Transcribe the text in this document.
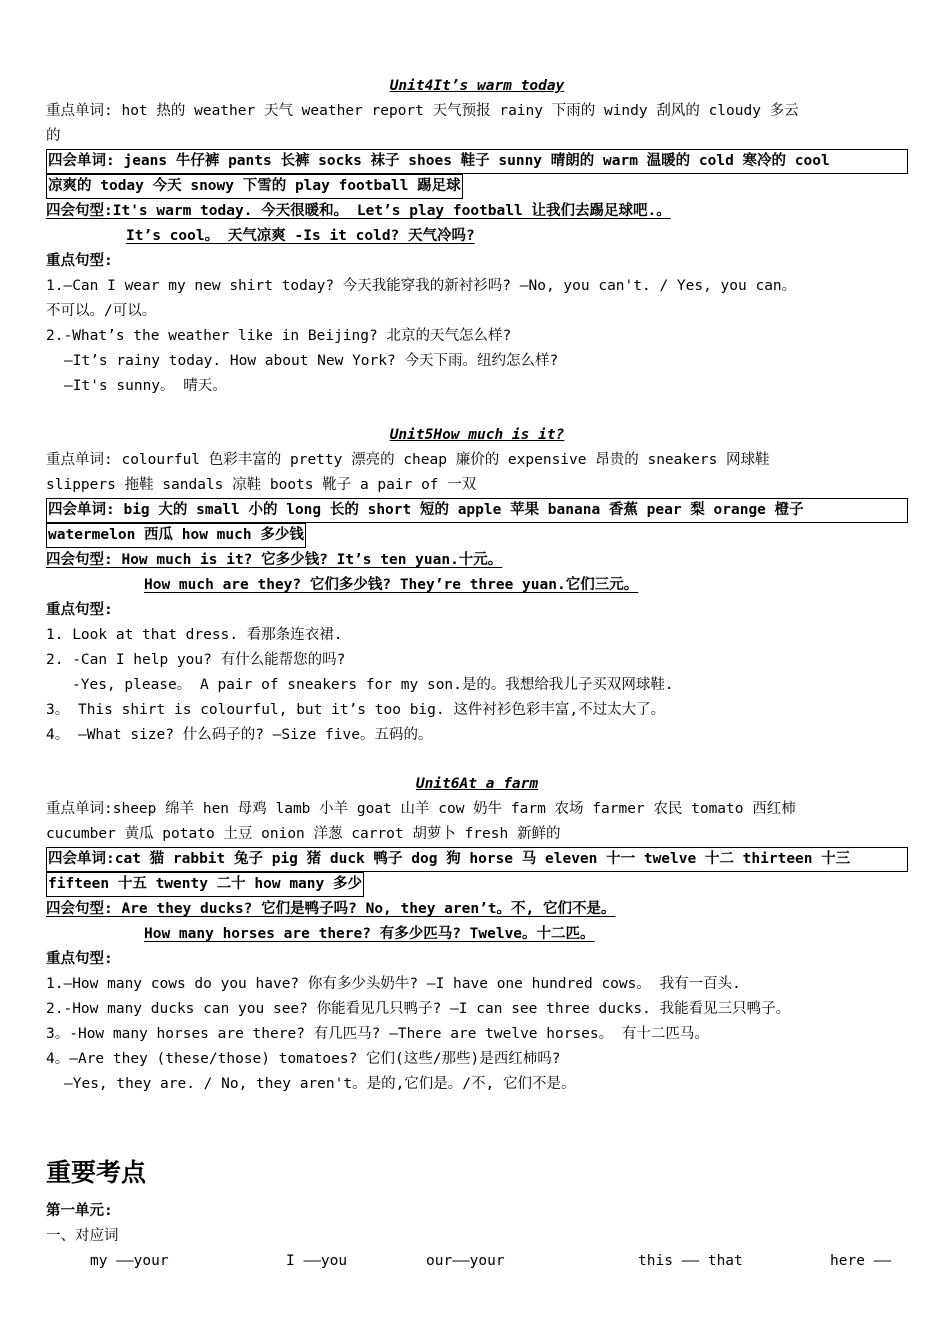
Unit4It’s warm today
重点单词: hot 热的 weather 天气 weather report 天气预报 rainy 下雨的 windy 刮风的 cloudy 多云
的
四会单词: jeans 牛仔裤 pants 长裤 socks 袜子 shoes 鞋子 sunny 晴朗的 warm 温暖的 cold 寒冷的 cool
凉爽的 today 今天 snowy 下雪的 play football 踢足球
四会句型:It's warm today. 今天很暖和。 Let’s play football 让我们去踢足球吧.。
It’s cool。 天气凉爽 -Is it cold? 天气冷吗?
重点句型:
1.—Can I wear my new shirt today? 今天我能穿我的新衬衫吗? —No, you can't. / Yes, you can。
不可以。/可以。
2.-What’s the weather like in Beijing? 北京的天气怎么样?
—It’s rainy today. How about New York? 今天下雨。纽约怎么样?
—It's sunny。 晴天。
Unit5How much is it?
重点单词: colourful 色彩丰富的 pretty 漂亮的 cheap 廉价的 expensive 昂贵的 sneakers 网球鞋
slippers 拖鞋 sandals 凉鞋 boots 靴子 a pair of 一双
四会单词: big 大的 small 小的 long 长的 short 短的 apple 苹果 banana 香蕉 pear 梨 orange 橙子
watermelon 西瓜 how much 多少钱
四会句型: How much is it? 它多少钱? It’s ten yuan.十元。
How much are they? 它们多少钱? They’re three yuan.它们三元。
重点句型:
1. Look at that dress. 看那条连衣裙.
2. -Can I help you? 有什么能帮您的吗?
-Yes, please。 A pair of sneakers for my son.是的。我想给我儿子买双网球鞋.
3。 This shirt is colourful, but it’s too big. 这件衬衫色彩丰富,不过太大了。
4。 —What size? 什么码子的? —Size five。五码的。
Unit6At a farm
重点单词:sheep 绵羊 hen 母鸡 lamb 小羊 goat 山羊 cow 奶牛 farm 农场 farmer 农民 tomato 西红柿
cucumber 黄瓜 potato 土豆 onion 洋葱 carrot 胡萝卜 fresh 新鲜的
四会单词:cat 猫 rabbit 兔子 pig 猪 duck 鸭子 dog 狗 horse 马 eleven 十一 twelve 十二 thirteen 十三
fifteen 十五 twenty 二十 how many 多少
四会句型: Are they ducks? 它们是鸭子吗? No, they aren’t。不, 它们不是。
How many horses are there? 有多少匹马? Twelve。十二匹。
重点句型:
1.—How many cows do you have? 你有多少头奶牛? —I have one hundred cows。 我有一百头.
2.-How many ducks can you see? 你能看见几只鸭子? —I can see three ducks. 我能看见三只鸭子。
3。-How many horses are there? 有几匹马? —There are twelve horses。 有十二匹马。
4。—Are they (these/those) tomatoes? 它们(这些/那些)是西红柿吗?
—Yes, they are. / No, they aren't。是的,它们是。/不, 它们不是。
重要考点
第一单元:
一、对应词
my ——your	I ——you	our——your	this —— that	here ——
